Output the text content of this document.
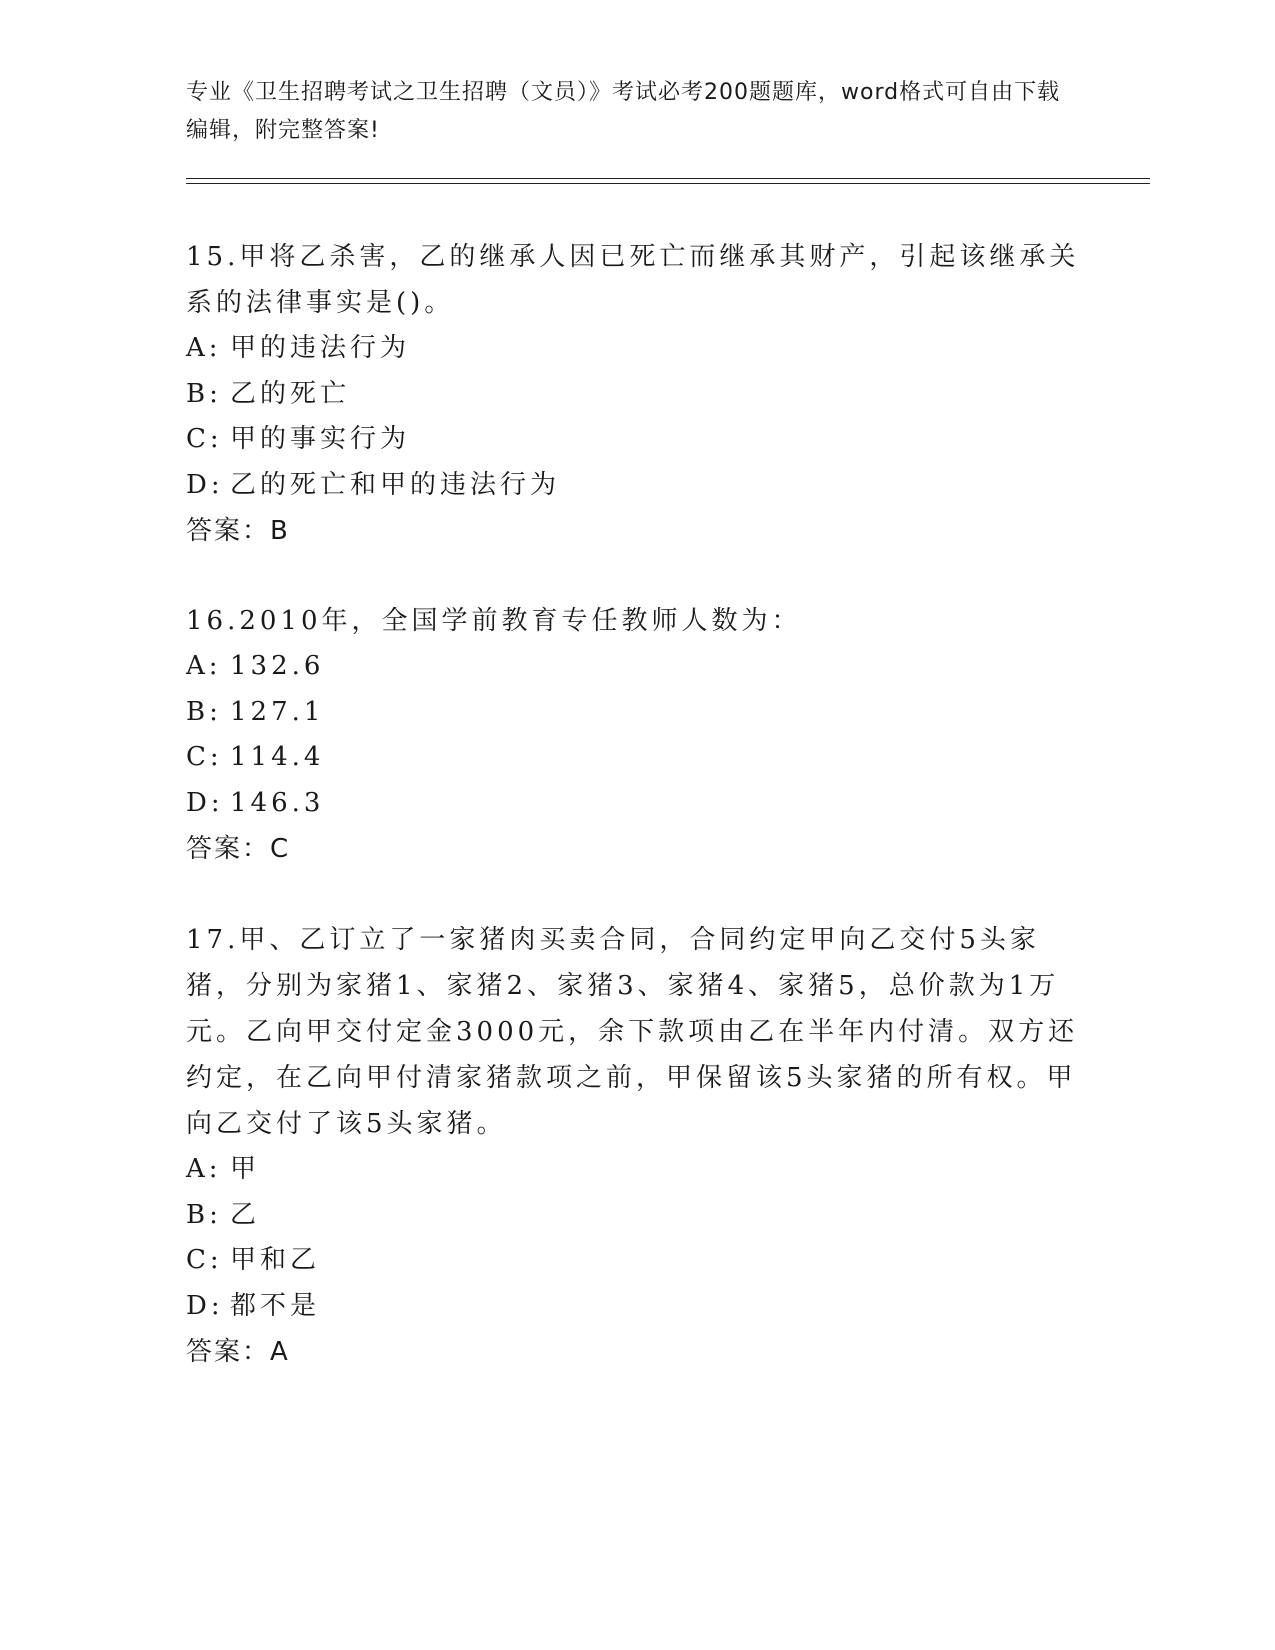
专业《卫生招聘考试之卫生招聘（文员）》考试必考200题题库，word格式可自由下载编辑，附完整答案!

15.甲将乙杀害，乙的继承人因已死亡而继承其财产，引起该继承关系的法律事实是()。

A: 甲的违法行为

B: 乙的死亡

C: 甲的事实行为

D: 乙的死亡和甲的违法行为

答案：B

16.2010年，全国学前教育专任教师人数为：

A: 132.6

B: 127.1

C: 114.4

D: 146.3

答案：C

17.甲、乙订立了一家猪肉买卖合同，合同约定甲向乙交付5头家猪，分别为家猪1、家猪2、家猪3、家猪4、家猪5，总价款为1万元。乙向甲交付定金3000元，余下款项由乙在半年内付清。双方还约定，在乙向甲付清家猪款项之前，甲保留该5头家猪的所有权。甲向乙交付了该5头家猪。

A: 甲

B: 乙

C: 甲和乙

D: 都不是

答案：A
